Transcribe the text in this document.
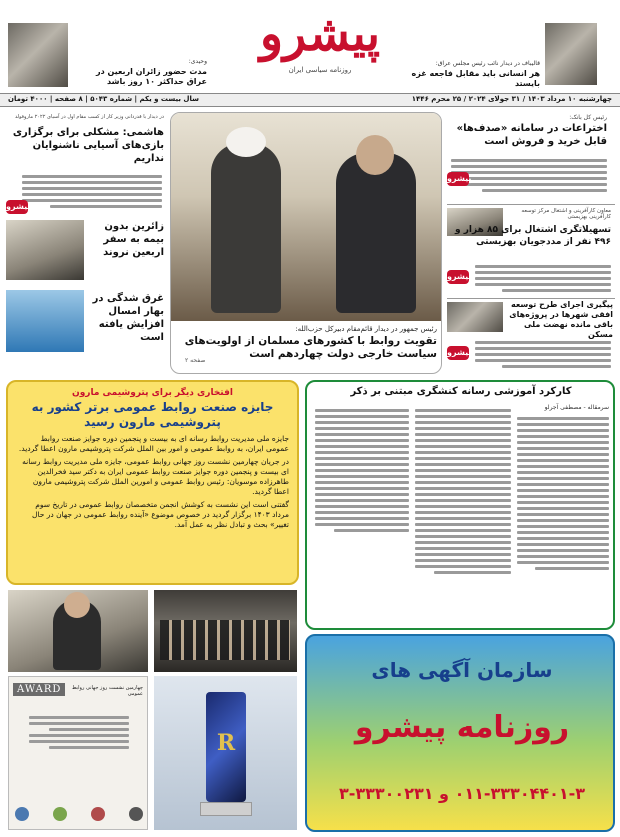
قالیباف در دیدار نائب رئیس مجلس عراق:
هر انسانی باید مقابل فاجعه غزه بایستد
پیشرو
روزنامه سیاسی ایران
وحیدی:
مدت حضور زائران اربعین در عراق حداکثر ۱۰ روز باشد
چهارشنبه ۱۰ مرداد ۱۴۰۳ / ۳۱ جولای ۲۰۲۴ / ۲۵ محرم ۱۴۴۶
سال بیست و یکم | شماره ۵۰۴۳ | ۸ صفحه | ۴۰۰۰ تومان
رئیس کل بانک:
اختراعات در سامانه «صدف‌ها» قابل خرید و فروش است
پیشرو
معاون کارآفرینی و اشتغال مرکز توسعه کارآفرینی بهزیستی
تسهیلاتگری اشتغال برای ۸۵ هزار و ۴۹۶ نفر از مددجویان بهزیستی
پیشرو
پیگیری اجرای طرح توسعه افقی شهرها در پروژه‌های باقی مانده نهضت ملی مسکن
پیشرو
رئیس جمهور در دیدار قائم‌مقام دبیرکل حزب‌الله:
تقویت روابط با کشورهای مسلمان از اولویت‌های سیاست خارجی دولت چهاردهم است
صفحه ۲
در دیدار با قدردانی وزیر کار از کسب مقام اول در آسیای ۲۰۲۲ ماروفولد
هاشمی: مشکلی برای برگزاری بازی‌های آسیایی ناشنوایان نداریم
پیشرو
زائرین بدون بیمه به سفر اربعین نروند
غرق شدگی در بهار امسال افزایش یافته است
افتخاری دیگر برای پتروشیمی مارون
جایزه صنعت روابط عمومی برتر کشور به پتروشیمی مارون رسید
جایزه ملی مدیریت روابط رسانه ای به بیست و پنجمین دوره جوایز صنعت روابط عمومی ایران، به روابط عمومی و امور بین الملل شرکت پتروشیمی مارون اعطا گردید.
در جریان چهارمین نشست روز جهانی روابط عمومی، جایزه ملی مدیریت روابط رسانه ای بیست و پنجمین دوره جوایز صنعت روابط عمومی ایران به دکتر سید فخرالدین طاهرزاده موسویان: رئیس روابط عمومی و امورین الملل شرکت پتروشیمی مارون اعطا گردید.
گفتنی است این نشست به کوشش انجمن متخصصان روابط عمومی در تاریخ سوم مرداد ۱۴۰۳ برگزار گردید در خصوص موضوع «آینده روابط عمومی در جهان در حال تغییر» بحث و تبادل نظر به عمل آمد.
کارکرد آموزشی رسانه کنشگری مبتنی بر ذکر
سرمقاله - مصطفی آجرلو
AWARD	چهارمین نشست روز جهانی روابط عمومی
R
سازمان آگهی های
روزنامه پیشرو
۰۱۱-۳۳۳۰۴۴۰۱-۳ و ۳۳۳۰۰۲۳۱-۳
